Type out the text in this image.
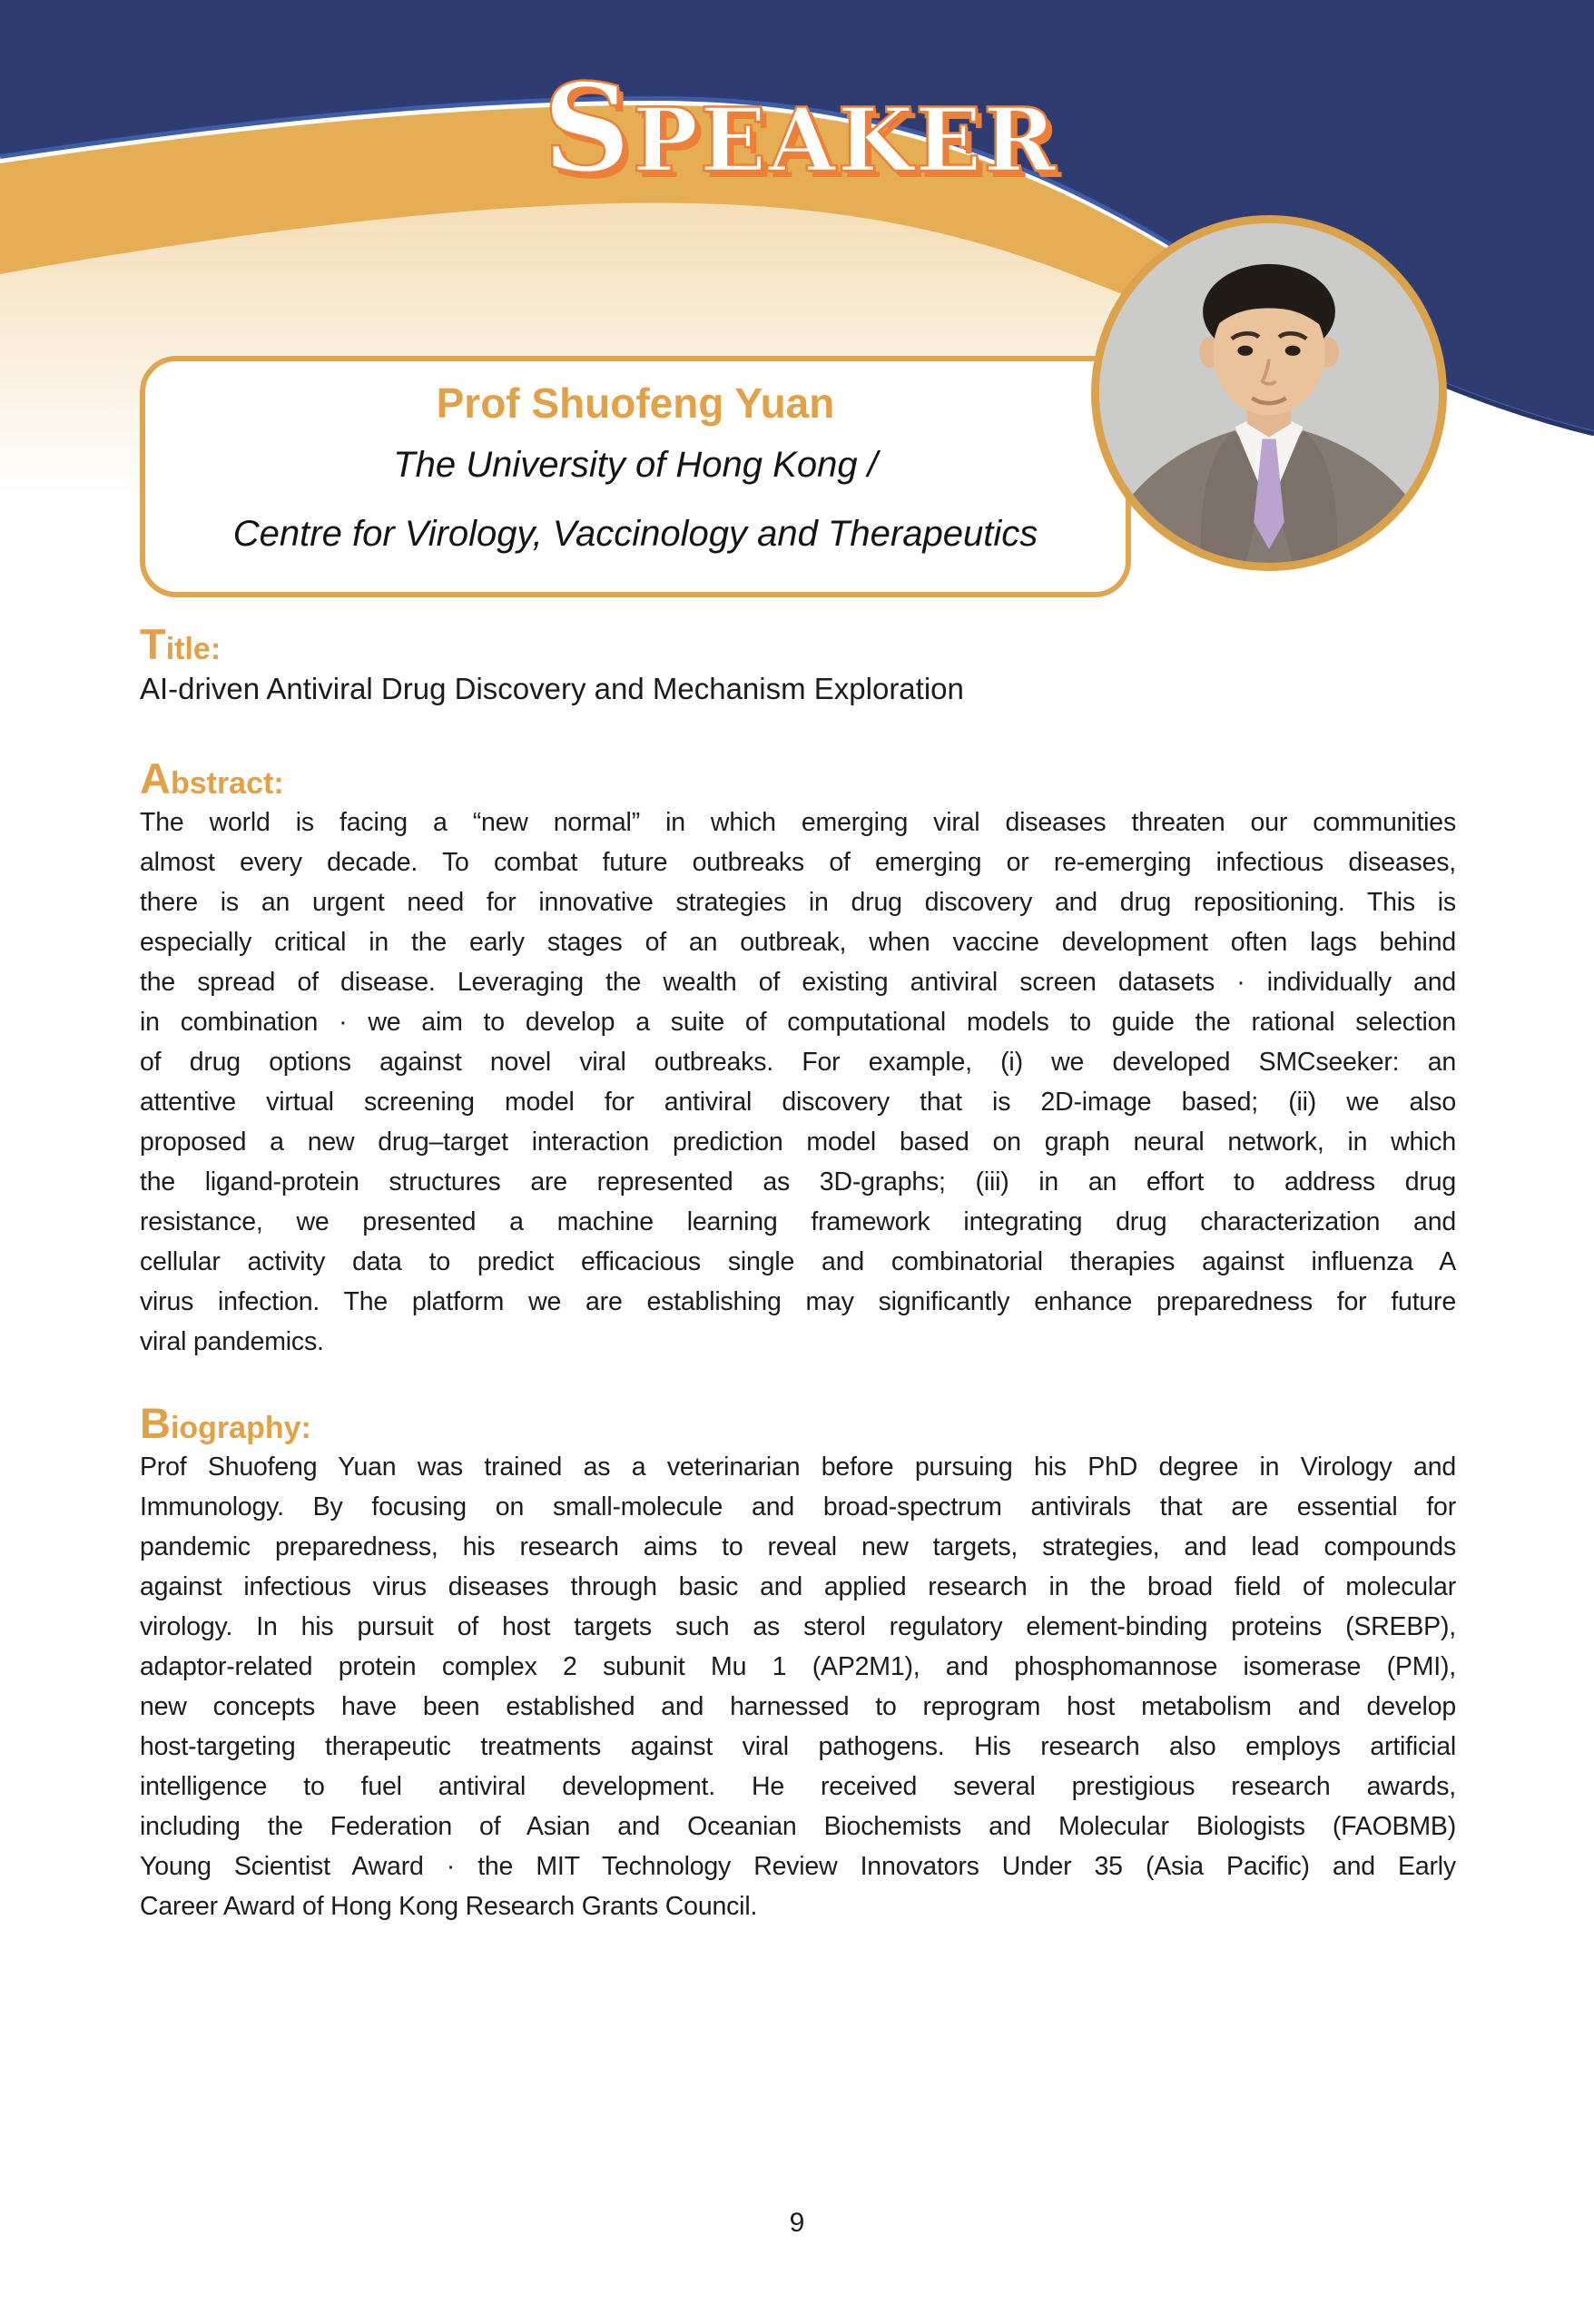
SPEAKER
Prof Shuofeng Yuan
The University of Hong Kong /
Centre for Virology, Vaccinology and Therapeutics
Title:
AI-driven Antiviral Drug Discovery and Mechanism Exploration
Abstract:
The world is facing a “new normal” in which emerging viral diseases threaten our communities
almost every decade. To combat future outbreaks of emerging or re-emerging infectious diseases,
there is an urgent need for innovative strategies in drug discovery and drug repositioning. This is
especially critical in the early stages of an outbreak, when vaccine development often lags behind
the spread of disease. Leveraging the wealth of existing antiviral screen datasets · individually and
in combination · we aim to develop a suite of computational models to guide the rational selection
of drug options against novel viral outbreaks. For example, (i) we developed SMCseeker: an
attentive virtual screening model for antiviral discovery that is 2D-image based; (ii) we also
proposed a new drug–target interaction prediction model based on graph neural network, in which
the ligand-protein structures are represented as 3D-graphs; (iii) in an effort to address drug
resistance, we presented a machine learning framework integrating drug characterization and
cellular activity data to predict efficacious single and combinatorial therapies against influenza A
virus infection. The platform we are establishing may significantly enhance preparedness for future
viral pandemics.
Biography:
Prof Shuofeng Yuan was trained as a veterinarian before pursuing his PhD degree in Virology and
Immunology. By focusing on small-molecule and broad-spectrum antivirals that are essential for
pandemic preparedness, his research aims to reveal new targets, strategies, and lead compounds
against infectious virus diseases through basic and applied research in the broad field of molecular
virology. In his pursuit of host targets such as sterol regulatory element-binding proteins (SREBP),
adaptor-related protein complex 2 subunit Mu 1 (AP2M1), and phosphomannose isomerase (PMI),
new concepts have been established and harnessed to reprogram host metabolism and develop
host-targeting therapeutic treatments against viral pathogens. His research also employs artificial
intelligence to fuel antiviral development. He received several prestigious research awards,
including the Federation of Asian and Oceanian Biochemists and Molecular Biologists (FAOBMB)
Young Scientist Award · the MIT Technology Review Innovators Under 35 (Asia Pacific) and Early
Career Award of Hong Kong Research Grants Council.
9
